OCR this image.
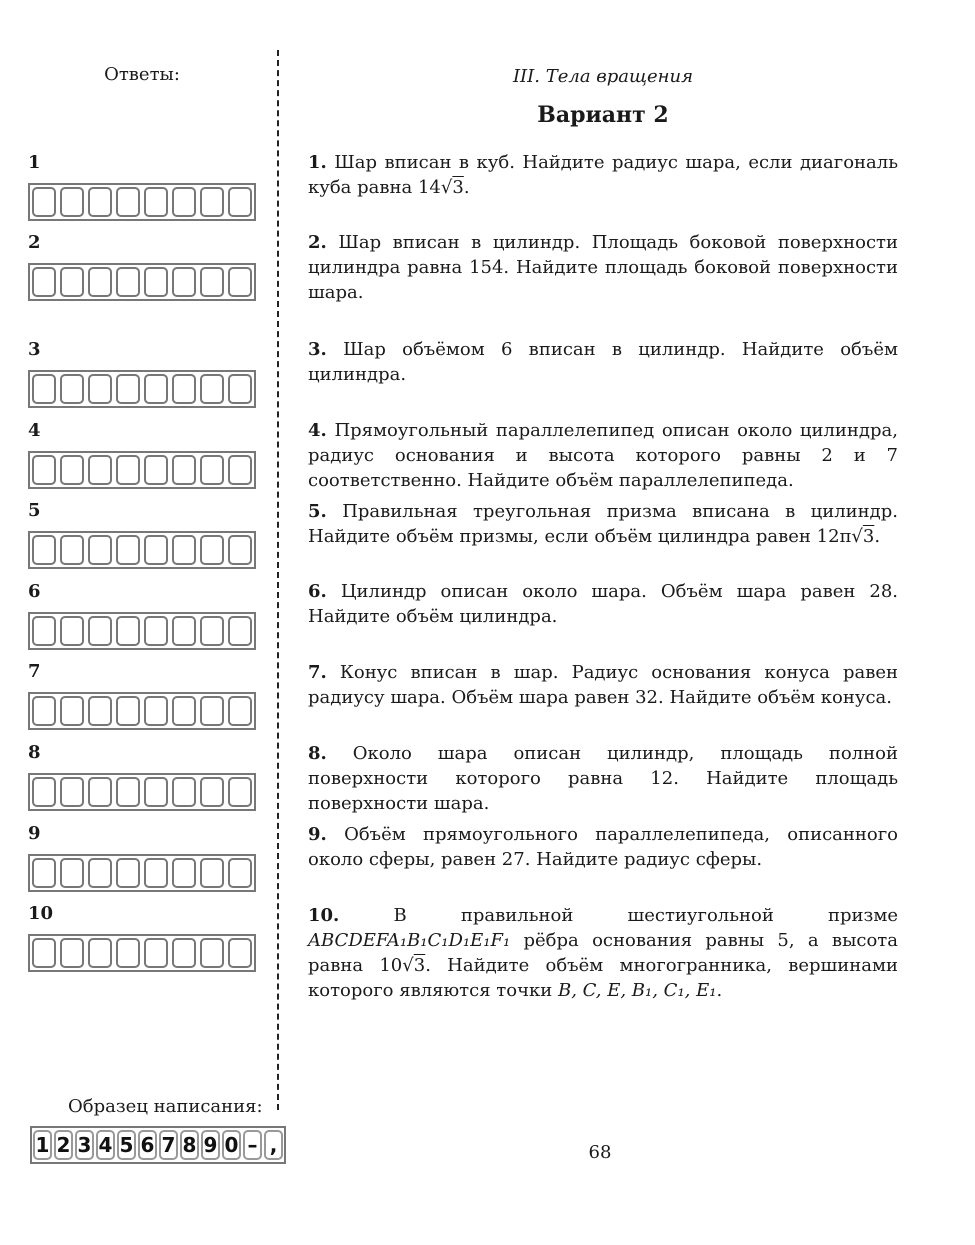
Ответы:
1
2
3
4
5
6
7
8
9
10
Образец написания:
1 2 3 4 5 6 7 8 9 0 – ,
III. Тела вращения
Вариант 2
1. Шар вписан в куб. Найдите радиус шара, если диагональ куба равна 14√3.
2. Шар вписан в цилиндр. Площадь боковой поверхности цилиндра равна 154. Найдите площадь боковой поверхности шара.
3. Шар объёмом 6 вписан в цилиндр. Найдите объём цилиндра.
4. Прямоугольный параллелепипед описан около цилиндра, радиус основания и высота которого равны 2 и 7 соответственно. Найдите объём параллелепипеда.
5. Правильная треугольная призма вписана в цилиндр. Найдите объём призмы, если объём цилиндра равен 12π√3.
6. Цилиндр описан около шара. Объём шара равен 28. Найдите объём цилиндра.
7. Конус вписан в шар. Радиус основания конуса равен радиусу шара. Объём шара равен 32. Найдите объём конуса.
8. Около шара описан цилиндр, площадь полной поверхности которого равна 12. Найдите площадь поверхности шара.
9. Объём прямоугольного параллелепипеда, описанного около сферы, равен 27. Найдите радиус сферы.
10.	В правильной шестиугольной призме ABCDEFA₁B₁C₁D₁E₁F₁ рёбра основания равны 5, а высота равна 10√3. Найдите объём многогранника, вершинами которого являются точки B, C, E, B₁, C₁, E₁.
68
